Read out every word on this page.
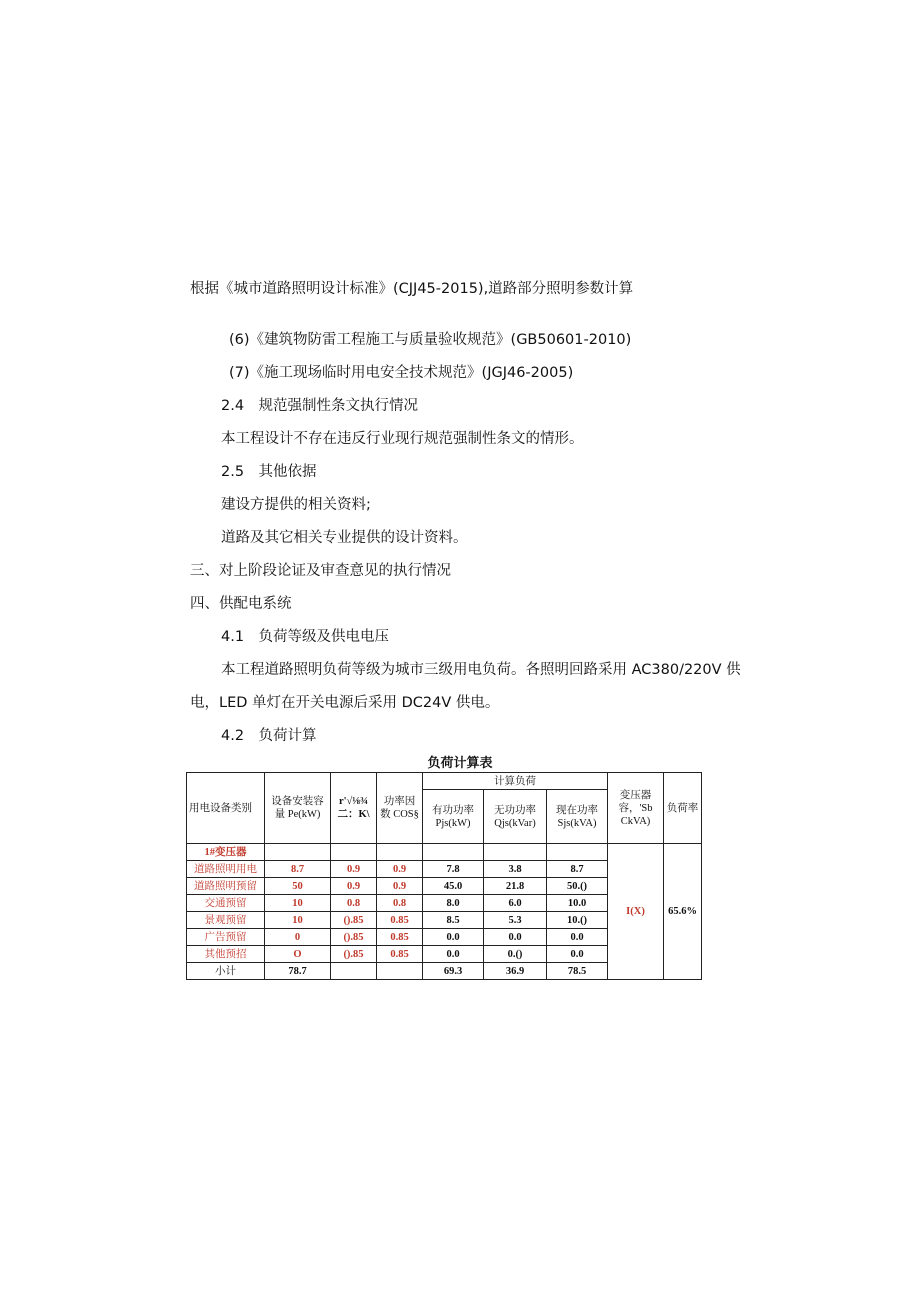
根据《城市道路照明设计标准》(CJJ45-2015),道路部分照明参数计算
(6)《建筑物防雷工程施工与质量验收规范》(GB50601-2010)
(7)《施工现场临时用电安全技术规范》(JGJ46-2005)
2.4　规范强制性条文执行情况
本工程设计不存在违反行业现行规范强制性条文的情形。
2.5　其他依据
建设方提供的相关资料;
道路及其它相关专业提供的设计资料。
三、对上阶段论证及审查意见的执行情况
四、供配电系统
4.1　负荷等级及供电电压
本工程道路照明负荷等级为城市三级用电负荷。各照明回路采用 AC380/220V 供
电，LED 单灯在开关电源后采用 DC24V 供电。
4.2　负荷计算
负荷计算表
用电设备类别	设备安装容量 Pe(kW)	r'√⅛¾ 二：K\	功率因数 COS§	计算负荷			变压器容，'Sb CkVA)	负荷率
				有功功率 Pjs(kW)	无功功率 Qjs(kVar)	现在功率 Sjs(kVA)		
1#变压器							I(X)	65.6%
道路照明用电	8.7	0.9	0.9	7.8	3.8	8.7		
道路照明预留	50	0.9	0.9	45.0	21.8	50.()		
交通预留	10	0.8	0.8	8.0	6.0	10.0		
景观预留	10	().85	0.85	8.5	5.3	10.()		
广告预留	0	().85	0.85	0.0	0.0	0.0		
其他预招	O	().85	0.85	0.0	0.()	0.0		
小计	78.7			69.3	36.9	78.5		
